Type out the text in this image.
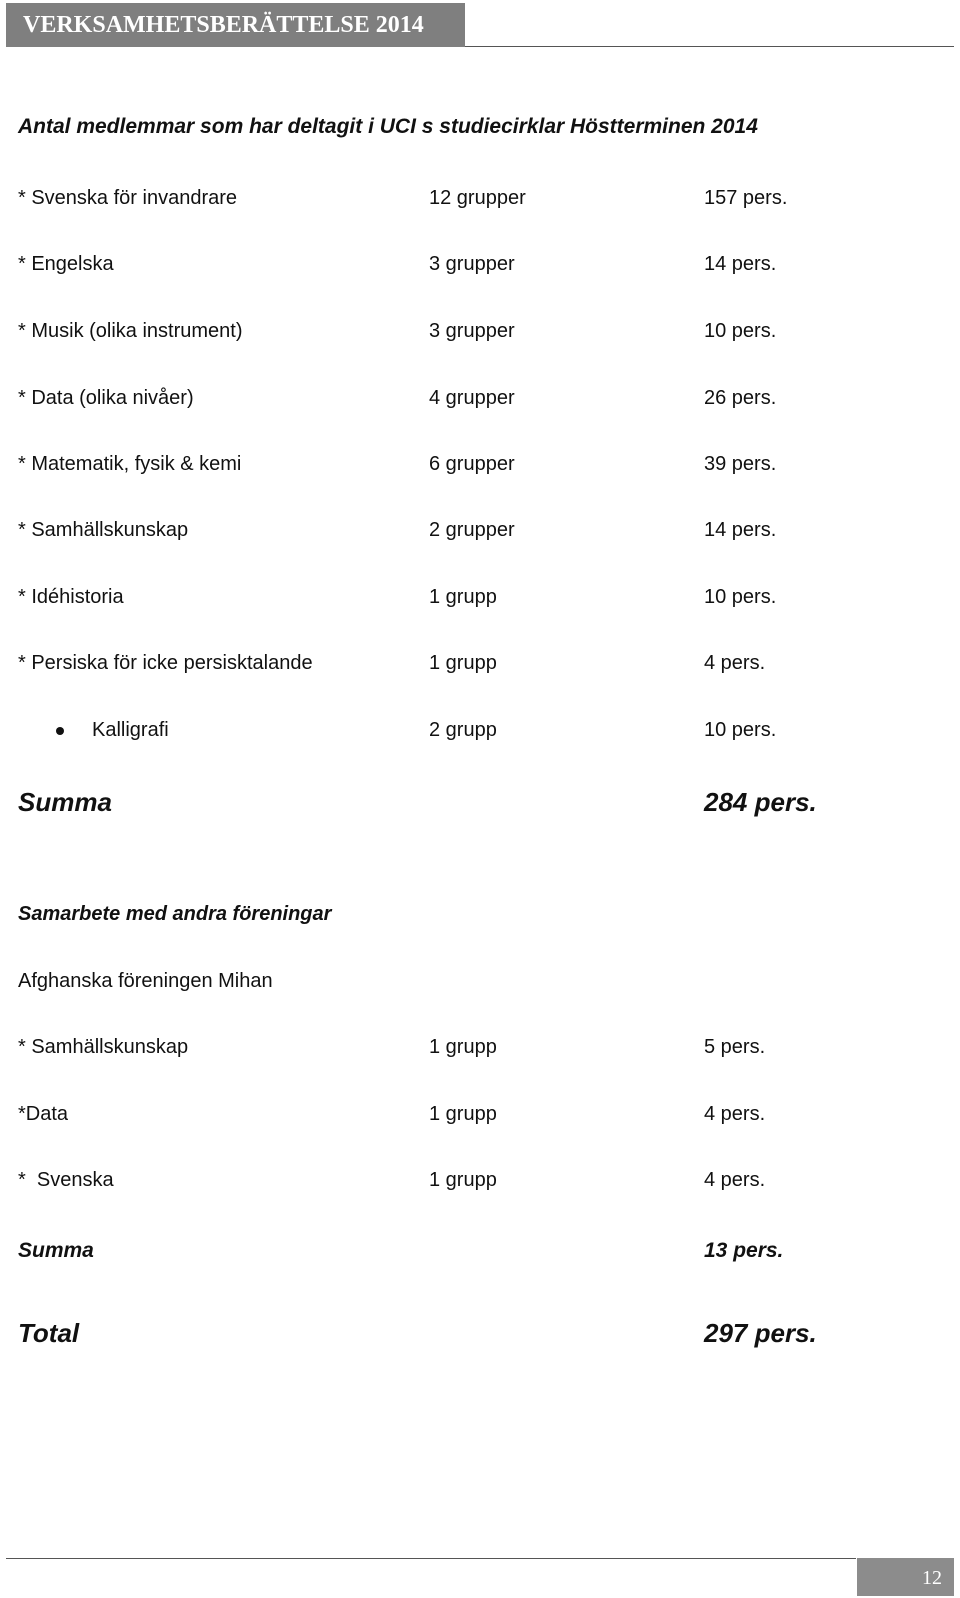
VERKSAMHETSBERÄTTELSE 2014
Antal medlemmar som har deltagit i UCI s studiecirklar Höstterminen 2014
* Svenska för invandrare	12 grupper	157 pers.
* Engelska	3 grupper	14 pers.
* Musik (olika instrument)	3 grupper	10 pers.
* Data (olika nivåer)	4 grupper	26 pers.
* Matematik, fysik & kemi	6 grupper	39 pers.
* Samhällskunskap	2 grupper	14 pers.
* Idéhistoria	1 grupp	10 pers.
* Persiska för icke persisktalande	1 grupp	4 pers.
Kalligrafi	2 grupp	10 pers.
Summa	284 pers.
Samarbete med andra föreningar
Afghanska föreningen Mihan
* Samhällskunskap	1 grupp	5 pers.
*Data	1 grupp	4 pers.
*  Svenska	1 grupp	4 pers.
Summa	13 pers.
Total	297 pers.
12
